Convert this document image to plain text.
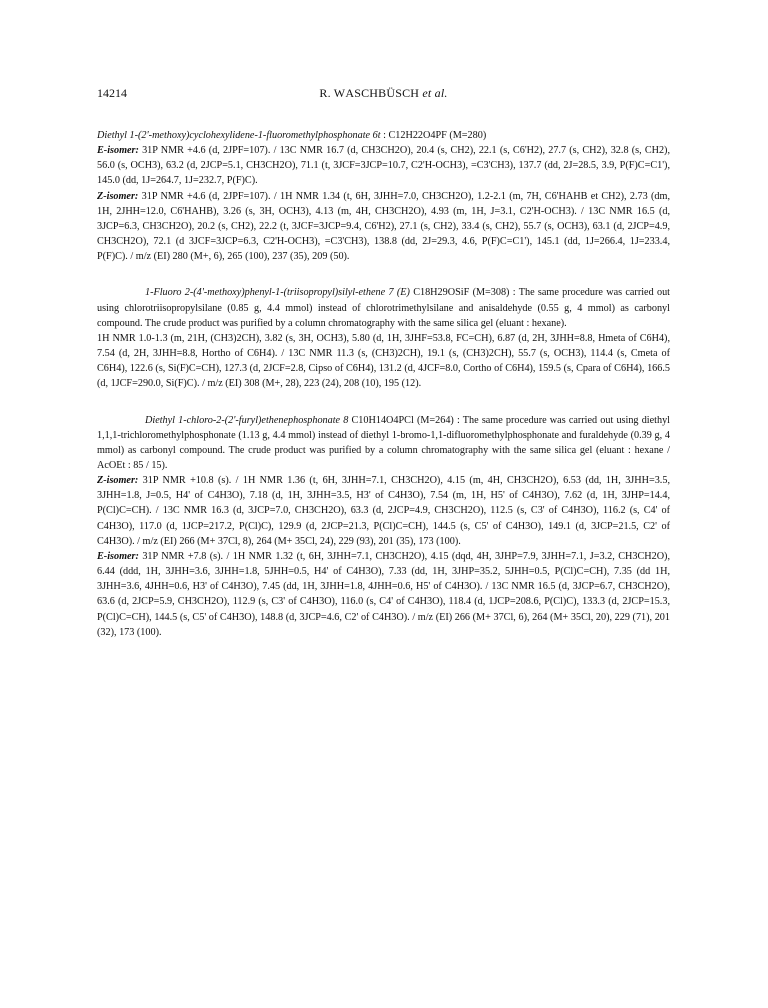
14214	R. WASCHBÜSCH et al.
Diethyl 1-(2'-methoxy)cyclohexylidene-1-fluoromethylphosphonate 6t : C12H22O4PF (M=280)
E-isomer: 31P NMR +4.6 (d, 2JPF=107). / 13C NMR 16.7 (d, CH3CH2O), 20.4 (s, CH2), 22.1 (s, C6'H2), 27.7 (s, CH2), 32.8 (s, CH2), 56.0 (s, OCH3), 63.2 (d, 2JCP=5.1, CH3CH2O), 71.1 (t, 3JCF=3JCP=10.7, C2'H-OCH3), =C3'CH3), 137.7 (dd, 2J=28.5, 3.9, P(F)C=C1'), 145.0 (dd, 1J=264.7, 1J=232.7, P(F)C).
Z-isomer: 31P NMR +4.6 (d, 2JPF=107). / 1H NMR 1.34 (t, 6H, 3JHH=7.0, CH3CH2O), 1.2-2.1 (m, 7H, C6'HAHB et CH2), 2.73 (dm, 1H, 2JHH=12.0, C6'HAHB), 3.26 (s, 3H, OCH3), 4.13 (m, 4H, CH3CH2O), 4.93 (m, 1H, J=3.1, C2'H-OCH3). / 13C NMR 16.5 (d, 3JCP=6.3, CH3CH2O), 20.2 (s, CH2), 22.2 (t, 3JCF=3JCP=9.4, C6'H2), 27.1 (s, CH2), 33.4 (s, CH2), 55.7 (s, OCH3), 63.1 (d, 2JCP=4.9, CH3CH2O), 72.1 (d 3JCF=3JCP=6.3, C2'H-OCH3), =C3'CH3), 138.8 (dd, 2J=29.3, 4.6, P(F)C=C1'), 145.1 (dd, 1J=266.4, 1J=233.4, P(F)C). / m/z (EI) 280 (M+, 6), 265 (100), 237 (35), 209 (50).
1-Fluoro 2-(4'-methoxy)phenyl-1-(triisopropyl)silyl-ethene 7 (E) C18H29OSiF (M=308) : The same procedure was carried out using chlorotriisopropylsilane (0.85 g, 4.4 mmol) instead of chlorotrimethylsilane and anisaldehyde (0.55 g, 4 mmol) as carbonyl compound. The crude product was purified by a column chromatography with the same silica gel (eluant : hexane).
1H NMR 1.0-1.3 (m, 21H, (CH3)2CH), 3.82 (s, 3H, OCH3), 5.80 (d, 1H, 3JHF=53.8, FC=CH), 6.87 (d, 2H, 3JHH=8.8, Hmeta of C6H4), 7.54 (d, 2H, 3JHH=8.8, Hortho of C6H4). / 13C NMR 11.3 (s, (CH3)2CH), 19.1 (s, (CH3)2CH), 55.7 (s, OCH3), 114.4 (s, Cmeta of C6H4), 122.6 (s, Si(F)C=CH), 127.3 (d, 2JCF=2.8, Cipso of C6H4), 131.2 (d, 4JCF=8.0, Cortho of C6H4), 159.5 (s, Cpara of C6H4), 166.5 (d, 1JCF=290.0, Si(F)C). / m/z (EI) 308 (M+, 28), 223 (24), 208 (10), 195 (12).
Diethyl 1-chloro-2-(2'-furyl)ethenephosphonate 8 C10H14O4PCl (M=264) : The same procedure was carried out using diethyl 1,1,1-trichloromethylphosphonate (1.13 g, 4.4 mmol) instead of diethyl 1-bromo-1,1-difluoromethylphosphonate and furaldehyde (0.39 g, 4 mmol) as carbonyl compound. The crude product was purified by a column chromatography with the same silica gel (eluant : hexane / AcOEt : 85 / 15).
Z-isomer: 31P NMR +10.8 (s). / 1H NMR 1.36 (t, 6H, 3JHH=7.1, CH3CH2O), 4.15 (m, 4H, CH3CH2O), 6.53 (dd, 1H, 3JHH=3.5, 3JHH=1.8, J=0.5, H4' of C4H3O), 7.18 (d, 1H, 3JHH=3.5, H3' of C4H3O), 7.54 (m, 1H, H5' of C4H3O), 7.62 (d, 1H, 3JHP=14.4, P(Cl)C=CH). / 13C NMR 16.3 (d, 3JCP=7.0, CH3CH2O), 63.3 (d, 2JCP=4.9, CH3CH2O), 112.5 (s, C3' of C4H3O), 116.2 (s, C4' of C4H3O), 117.0 (d, 1JCP=217.2, P(Cl)C), 129.9 (d, 2JCP=21.3, P(Cl)C=CH), 144.5 (s, C5' of C4H3O), 149.1 (d, 3JCP=21.5, C2' of C4H3O). / m/z (EI) 266 (M+ 37Cl, 8), 264 (M+ 35Cl, 24), 229 (93), 201 (35), 173 (100).
E-isomer: 31P NMR +7.8 (s). / 1H NMR 1.32 (t, 6H, 3JHH=7.1, CH3CH2O), 4.15 (dqd, 4H, 3JHP=7.9, 3JHH=7.1, J=3.2, CH3CH2O), 6.44 (ddd, 1H, 3JHH=3.6, 3JHH=1.8, 5JHH=0.5, H4' of C4H3O), 7.33 (dd, 1H, 3JHP=35.2, 5JHH=0.5, P(Cl)C=CH), 7.35 (dd 1H, 3JHH=3.6, 4JHH=0.6, H3' of C4H3O), 7.45 (dd, 1H, 3JHH=1.8, 4JHH=0.6, H5' of C4H3O). / 13C NMR 16.5 (d, 3JCP=6.7, CH3CH2O), 63.6 (d, 2JCP=5.9, CH3CH2O), 112.9 (s, C3' of C4H3O), 116.0 (s, C4' of C4H3O), 118.4 (d, 1JCP=208.6, P(Cl)C), 133.3 (d, 2JCP=15.3, P(Cl)C=CH), 144.5 (s, C5' of C4H3O), 148.8 (d, 3JCP=4.6, C2' of C4H3O). / m/z (EI) 266 (M+ 37Cl, 6), 264 (M+ 35Cl, 20), 229 (71), 201 (32), 173 (100).
